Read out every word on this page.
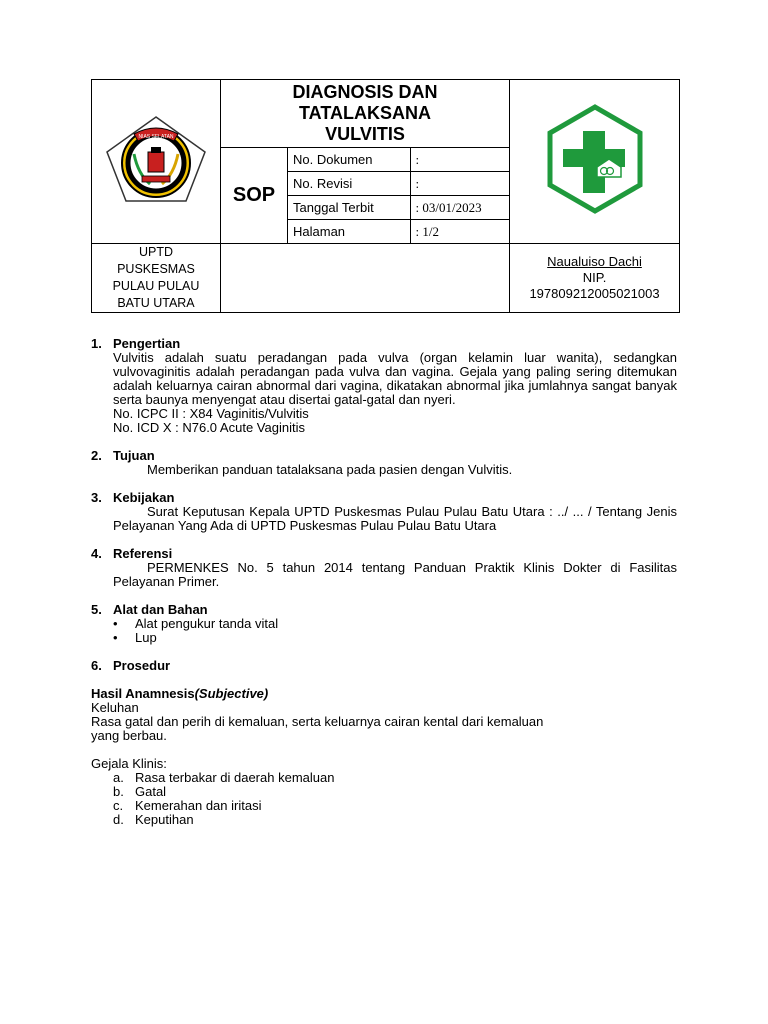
NIAS SELATAN

DIAGNOSIS DAN
TATALAKSANA
VULVITIS

SOP	
No. Dokumen	:
No. Revisi	:
Tanggal Terbit	: 03/01/2023
Halaman	: 1/2

UPTD
PUSKESMAS
PULAU PULAU
BATU UTARA

Naualuiso Dachi
NIP.
197809212005021003
1. Pengertian
Vulvitis adalah suatu peradangan pada vulva (organ kelamin luar wanita), sedangkan vulvovaginitis adalah peradangan pada vulva dan vagina. Gejala yang paling sering ditemukan adalah keluarnya cairan abnormal dari vagina, dikatakan abnormal jika jumlahnya sangat banyak serta baunya menyengat atau disertai gatal-gatal dan nyeri.
No. ICPC II : X84 Vaginitis/Vulvitis
No. ICD X : N76.0 Acute Vaginitis
2. Tujuan
Memberikan panduan tatalaksana pada pasien dengan Vulvitis.
3. Kebijakan
Surat Keputusan Kepala UPTD Puskesmas Pulau Pulau Batu Utara : ../ ... / Tentang Jenis Pelayanan Yang Ada di UPTD Puskesmas Pulau Pulau Batu Utara
4. Referensi
PERMENKES No. 5 tahun 2014 tentang Panduan Praktik Klinis Dokter di Fasilitas Pelayanan Primer.
5. Alat dan Bahan
•	Alat pengukur tanda vital
•	Lup
6. Prosedur
Hasil Anamnesis(Subjective)
Keluhan
Rasa gatal dan perih di kemaluan, serta keluarnya cairan kental dari kemaluan
yang berbau.
Gejala Klinis:
a. Rasa terbakar di daerah kemaluan
b. Gatal
c. Kemerahan dan iritasi
d. Keputihan
